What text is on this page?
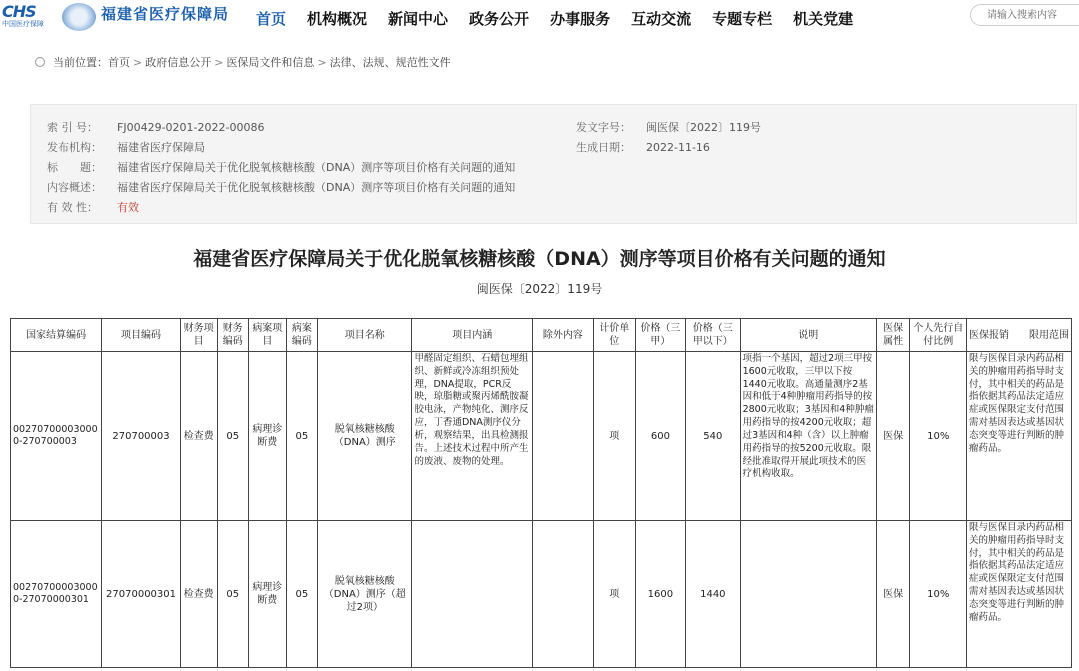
CHS
中国医疗保障
福建省医疗保障局 首页 机构概况 新闻中心 政务公开 办事服务 互动交流 专题专栏 机关党建	请输入搜索内容
当前位置： 首页 > 政府信息公开 > 医保局文件和信息 > 法律、法规、规范性文件
索 引 号： FJ00429-0201-2022-00086	发文字号： 闽医保〔2022〕119号
发布机构： 福建省医疗保障局	生成日期： 2022-11-16
标　　题： 福建省医疗保障局关于优化脱氧核糖核酸（DNA）测序等项目价格有关问题的通知
内容概述： 福建省医疗保障局关于优化脱氧核糖核酸（DNA）测序等项目价格有关问题的通知
有 效 性： 有效
福建省医疗保障局关于优化脱氧核糖核酸（DNA）测序等项目价格有关问题的通知
闽医保〔2022〕119号
国家结算编码	项目编码	财务项目	财务编码	病案项目	病案编码	项目名称	项目内涵	除外内容	计价单位	价格（三甲）	价格（三甲以下）	说明	医保属性	个人先行自付比例	医保报销　　限用范围
002707000030000-270700003	270700003	检查费	05	病理诊断费	05	脱氧核糖核酸（DNA）测序	甲醛固定组织、石蜡包埋组织、新鲜或冷冻组织预处理，DNA提取，PCR反映，琼脂糖或聚丙烯酰胺凝胶电泳，产物纯化、测序反应，丁香通DNA测序仪分析，观察结果，出具检测报告。上述技术过程中所产生的废液、废物的处理。		项	600	540	项指一个基因，超过2项三甲按1600元收取，三甲以下按1440元收取。高通量测序2基因和低于4种肿瘤用药指导的按2800元收取；3基因和4种肿瘤用药指导的按4200元收取；超过3基因和4种（含）以上肿瘤用药指导的按5200元收取。限经批准取得开展此项技术的医疗机构收取。	医保	10%	限与医保目录内药品相关的肿瘤用药指导时支付，其中相关的药品是指依据其药品法定适应症或医保限定支付范围需对基因表达或基因状态突变等进行判断的肿瘤药品。
002707000030000-27070000301	27070000301	检查费	05	病理诊断费	05	脱氧核糖核酸（DNA）测序（超过2项）			项	1600	1440		医保	10%	限与医保目录内药品相关的肿瘤用药指导时支付，其中相关的药品是指依据其药品法定适应症或医保限定支付范围需对基因表达或基因状态突变等进行判断的肿瘤药品。
